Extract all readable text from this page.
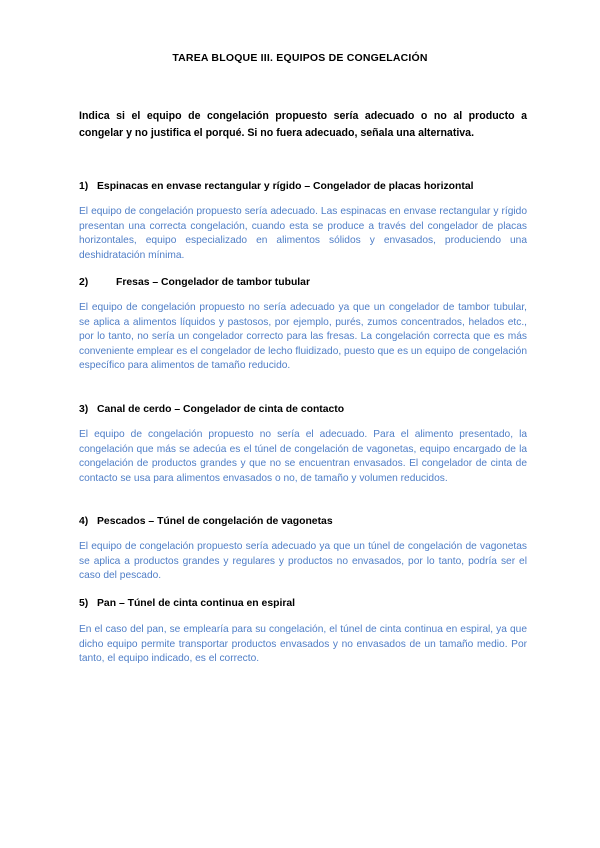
TAREA BLOQUE III. EQUIPOS DE CONGELACIÓN
Indica si el equipo de congelación propuesto sería adecuado o no al producto a congelar y no justifica el porqué. Si no fuera adecuado, señala una alternativa.
1) Espinacas en envase rectangular y rígido – Congelador de placas horizontal
El equipo de congelación propuesto sería adecuado. Las espinacas en envase rectangular y rígido presentan una correcta congelación, cuando esta se produce a través del congelador de placas horizontales, equipo especializado en alimentos sólidos y envasados, produciendo una deshidratación mínima.
2)	Fresas – Congelador de tambor tubular
El equipo de congelación propuesto no sería adecuado ya que un congelador de tambor tubular, se aplica a alimentos líquidos y pastosos, por ejemplo, purés, zumos concentrados, helados etc., por lo tanto, no sería un congelador correcto para las fresas. La congelación correcta que es más conveniente emplear es el congelador de lecho fluidizado, puesto que es un equipo de congelación específico para alimentos de tamaño reducido.
3) Canal de cerdo – Congelador de cinta de contacto
El equipo de congelación propuesto no sería el adecuado. Para el alimento presentado, la congelación que más se adecúa es el túnel de congelación de vagonetas, equipo encargado de la congelación de productos grandes y que no se encuentran envasados. El congelador de cinta de contacto se usa para alimentos envasados o no, de tamaño y volumen reducidos.
4) Pescados – Túnel de congelación de vagonetas
El equipo de congelación propuesto sería adecuado ya que un túnel de congelación de vagonetas se aplica a productos grandes y regulares y productos no envasados, por lo tanto, podría ser el caso del pescado.
5) Pan – Túnel de cinta continua en espiral
En el caso del pan, se emplearía para su congelación, el túnel de cinta continua en espiral, ya que dicho equipo permite transportar productos envasados y no envasados de un tamaño medio. Por tanto, el equipo indicado, es el correcto.
